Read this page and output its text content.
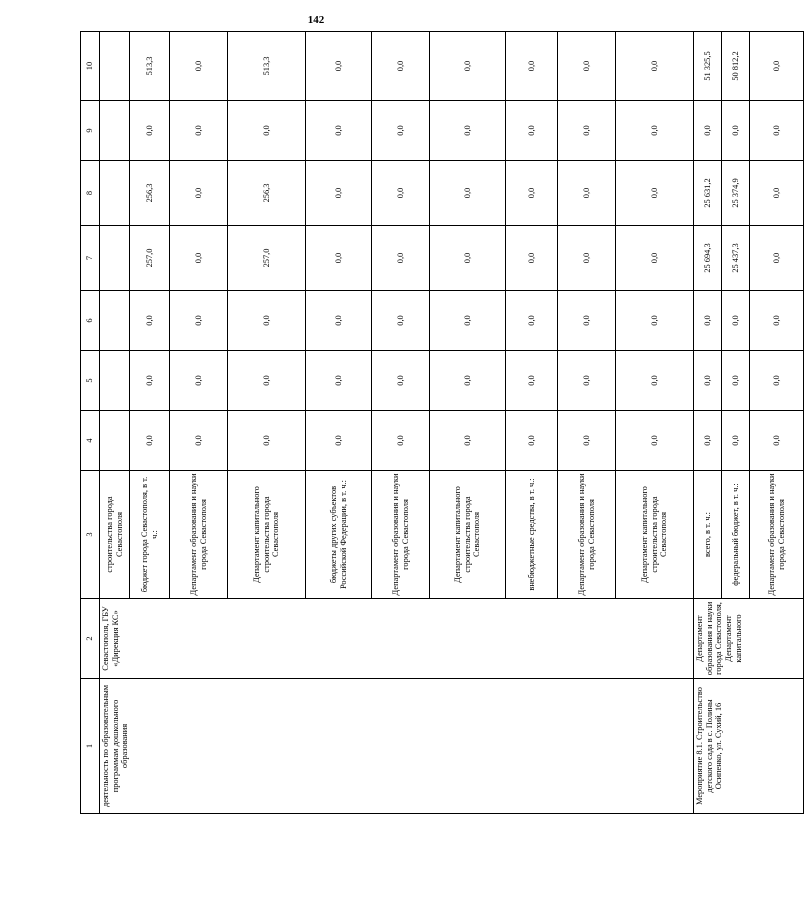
142
1	2	3	4	5	6	7	8	9	10
деятельность по образовательным программам дошкольного образования	Севастополя, ГБУ «Дирекция КС»	строительства города Севастополя							
		бюджет города Севастополя, в т. ч.:	0,0	0,0	0,0	257,0	256,3	0,0	513,3
		Департамент образования и науки города Севастополя	0,0	0,0	0,0	0,0	0,0	0,0	0,0
		Департамент капитального строительства города Севастополя	0,0	0,0	0,0	257,0	256,3	0,0	513,3
		бюджеты других субъектов Российской Федерации, в т. ч.:	0,0	0,0	0,0	0,0	0,0	0,0	0,0
		Департамент образования и науки города Севастополя	0,0	0,0	0,0	0,0	0,0	0,0	0,0
		Департамент капитального строительства города Севастополя	0,0	0,0	0,0	0,0	0,0	0,0	0,0
		внебюджетные средства, в т. ч.:	0,0	0,0	0,0	0,0	0,0	0,0	0,0
		Департамент образования и науки города Севастополя	0,0	0,0	0,0	0,0	0,0	0,0	0,0
		Департамент капитального строительства города Севастополя	0,0	0,0	0,0	0,0	0,0	0,0	0,0
Мероприятие 8.1. Строительство детского сада в с. Полины Осипенко, ул. Сухий, 16	Департамент образования и науки города Севастополя, Департамент капитального	всего, в т. ч.:	0,0	0,0	0,0	25 694,3	25 631,2	0,0	51 325,5
		федеральный бюджет, в т. ч.:	0,0	0,0	0,0	25 437,3	25 374,9	0,0	50 812,2
		Департамент образования и науки города Севастополя	0,0	0,0	0,0	0,0	0,0	0,0	0,0
